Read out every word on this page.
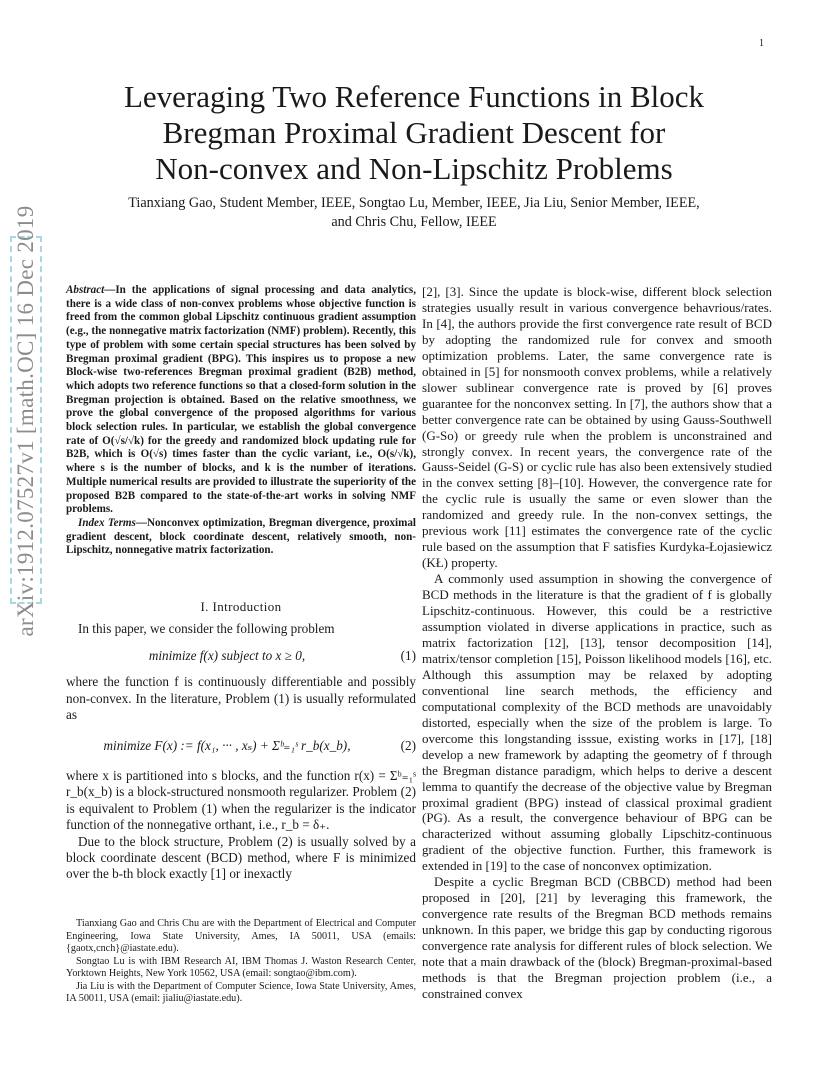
1
arXiv:1912.07527v1 [math.OC] 16 Dec 2019
Leveraging Two Reference Functions in Block
Bregman Proximal Gradient Descent for
Non-convex and Non-Lipschitz Problems
Tianxiang Gao, Student Member, IEEE, Songtao Lu, Member, IEEE, Jia Liu, Senior Member, IEEE,
and Chris Chu, Fellow, IEEE

Abstract—In the applications of signal processing and data analytics, there is a wide class of non-convex problems whose objective function is freed from the common global Lipschitz continuous gradient assumption (e.g., the nonnegative matrix factorization (NMF) problem). Recently, this type of problem with some certain special structures has been solved by Bregman proximal gradient (BPG). This inspires us to propose a new Block-wise two-references Bregman proximal gradient (B2B) method, which adopts two reference functions so that a closed-form solution in the Bregman projection is obtained. Based on the relative smoothness, we prove the global convergence of the proposed algorithms for various block selection rules. In particular, we establish the global convergence rate of O(√s/√k) for the greedy and randomized block updating rule for B2B, which is O(√s) times faster than the cyclic variant, i.e., O(s/√k), where s is the number of blocks, and k is the number of iterations. Multiple numerical results are provided to illustrate the superiority of the proposed B2B compared to the state-of-the-art works in solving NMF problems.

Index Terms—Nonconvex optimization, Bregman divergence, proximal gradient descent, block coordinate descent, relatively smooth, non-Lipschitz, nonnegative matrix factorization.

I. Introduction

In this paper, we consider the following problem

minimize f(x) subject to x ≥ 0,	(1)

where the function f is continuously differentiable and possibly non-convex. In the literature, Problem (1) is usually reformulated as

minimize F(x) := f(x₁, ··· , xₛ) + Σᵇ₌₁ˢ r_b(x_b),	(2)

where x is partitioned into s blocks, and the function r(x) = Σᵇ₌₁ˢ r_b(x_b) is a block-structured nonsmooth regularizer. Problem (2) is equivalent to Problem (1) when the regularizer is the indicator function of the nonnegative orthant, i.e., r_b = δ₊.

Due to the block structure, Problem (2) is usually solved by a block coordinate descent (BCD) method, where F is minimized over the b-th block exactly [1] or inexactly

Tianxiang Gao and Chris Chu are with the Department of Electrical and Computer Engineering, Iowa State University, Ames, IA 50011, USA (emails: {gaotx,cnch}@iastate.edu).

Songtao Lu is with IBM Research AI, IBM Thomas J. Waston Research Center, Yorktown Heights, New York 10562, USA (email: songtao@ibm.com).

Jia Liu is with the Department of Computer Science, Iowa State University, Ames, IA 50011, USA (email: jialiu@iastate.edu).

[2], [3]. Since the update is block-wise, different block selection strategies usually result in various convergence behavrious/rates. In [4], the authors provide the first convergence rate result of BCD by adopting the randomized rule for convex and smooth optimization problems. Later, the same convergence rate is obtained in [5] for nonsmooth convex problems, while a relatively slower sublinear convergence rate is proved by [6] proves guarantee for the nonconvex setting. In [7], the authors show that a better convergence rate can be obtained by using Gauss-Southwell (G-So) or greedy rule when the problem is unconstrained and strongly convex. In recent years, the convergence rate of the Gauss-Seidel (G-S) or cyclic rule has also been extensively studied in the convex setting [8]–[10]. However, the convergence rate for the cyclic rule is usually the same or even slower than the randomized and greedy rule. In the non-convex settings, the previous work [11] estimates the convergence rate of the cyclic rule based on the assumption that F satisfies Kurdyka-Łojasiewicz (KŁ) property.

A commonly used assumption in showing the convergence of BCD methods in the literature is that the gradient of f is globally Lipschitz-continuous. However, this could be a restrictive assumption violated in diverse applications in practice, such as matrix factorization [12], [13], tensor decomposition [14], matrix/tensor completion [15], Poisson likelihood models [16], etc. Although this assumption may be relaxed by adopting conventional line search methods, the efficiency and computational complexity of the BCD methods are unavoidably distorted, especially when the size of the problem is large. To overcome this longstanding isssue, existing works in [17], [18] develop a new framework by adapting the geometry of f through the Bregman distance paradigm, which helps to derive a descent lemma to quantify the decrease of the objective value by Bregman proximal gradient (BPG) instead of classical proximal gradient (PG). As a result, the convergence behaviour of BPG can be characterized without assuming globally Lipschitz-continuous gradient of the objective function. Further, this framework is extended in [19] to the case of nonconvex optimization.

Despite a cyclic Bregman BCD (CBBCD) method had been proposed in [20], [21] by leveraging this framework, the convergence rate results of the Bregman BCD methods remains unknown. In this paper, we bridge this gap by conducting rigorous convergence rate analysis for different rules of block selection. We note that a main drawback of the (block) Bregman-proximal-based methods is that the Bregman projection problem (i.e., a constrained convex
